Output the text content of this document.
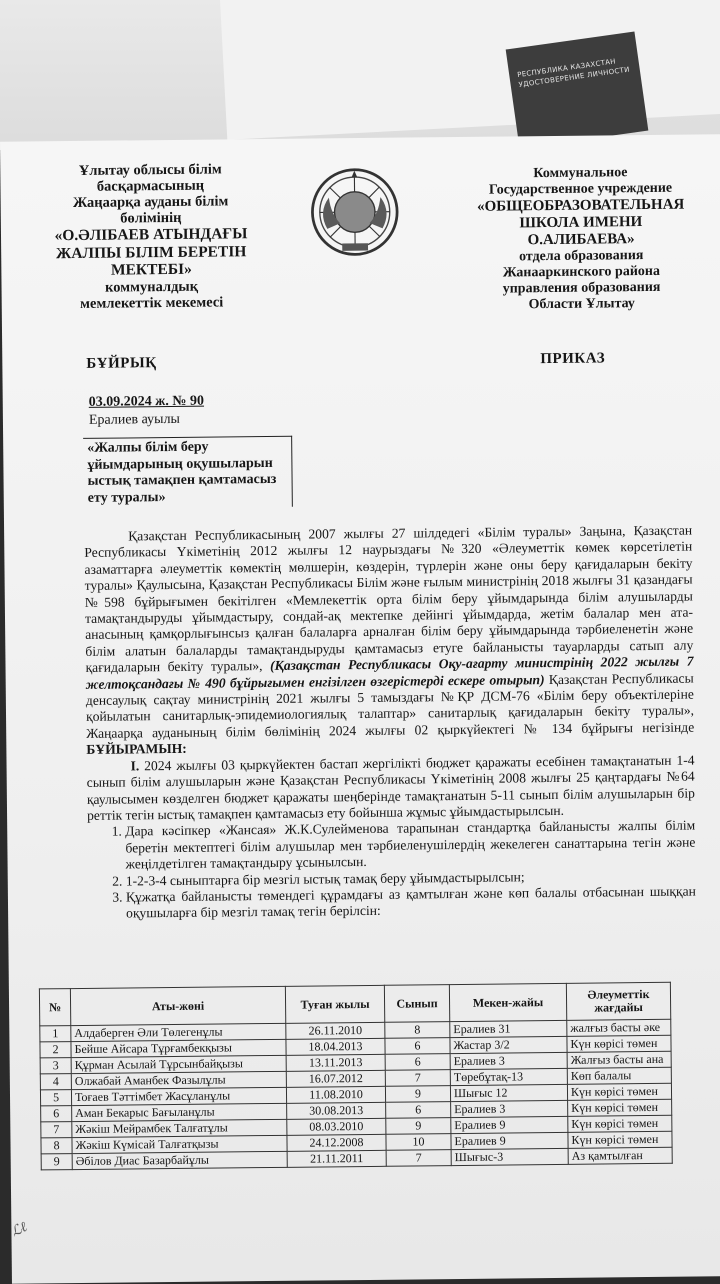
РЕСПУБЛИКА КАЗАХСТАН УДОСТОВЕРЕНИЕ ЛИЧНОСТИ
Ұлытау облысы білім
басқармасының
Жаңаарқа ауданы білім
бөлімінің
«О.ӘЛІБАЕВ АТЫНДАҒЫ
ЖАЛПЫ БІЛІМ БЕРЕТІН
МЕКТЕБІ»
коммуналдық
мемлекеттік мекемесі
Коммунальное
Государственное учреждение
«ОБЩЕОБРАЗОВАТЕЛЬНАЯ
ШКОЛА ИМЕНИ
О.АЛИБАЕВА»
отдела образования
Жанааркинского района
управления образования
Области Ұлытау
БҰЙРЫҚ	ПРИКАЗ
03.09.2024 ж. № 90
Ералиев ауылы
«Жалпы білім беру ұйымдарының оқушыларын ыстық тамақпен қамтамасыз ету туралы»

Қазақстан Республикасының 2007 жылғы 27 шілдедегі «Білім туралы» Заңына, Қазақстан Республикасы Үкіметінің 2012 жылғы 12 наурыздағы №320 «Әлеуметтік көмек көрсетілетін азаматтарға әлеуметтік көмектің мөлшерін, көздерін, түрлерін және оны беру қағидаларын бекіту туралы» Қаулысына, Қазақстан Республикасы Білім және ғылым министрінің 2018 жылғы 31 қазандағы №598 бұйрығымен бекітілген «Мемлекеттік орта білім беру ұйымдарында білім алушыларды тамақтандыруды ұйымдастыру, сондай-ақ мектепке дейінгі ұйымдарда, жетім балалар мен ата-анасының қамқорлығынсыз қалған балаларға арналған білім беру ұйымдарында тәрбиеленетін және білім алатын балаларды тамақтандыруды қамтамасыз етуге байланысты тауарларды сатып алу қағидаларын бекіту туралы», (Қазақстан Республикасы Оқу-ағарту министрінің 2022 жылғы 7 желтоқсандағы № 490 бұйрығымен енгізілген өзгерістерді ескере отырып) Қазақстан Республикасы денсаулық сақтау министрінің 2021 жылғы 5 тамыздағы №ҚР ДСМ-76 «Білім беру объектілеріне қойылатын санитарлық-эпидемиологиялық талаптар» санитарлық қағидаларын бекіту туралы», Жаңаарқа ауданының білім бөлімінің 2024 жылғы 02 қыркүйектегі № 134 бұйрығы негізінде БҰЙЫРАМЫН:

I. 2024 жылғы 03 қыркүйектен бастап жергілікті бюджет қаражаты есебінен тамақтанатын 1-4 сынып білім алушыларын және Қазақстан Республикасы Үкіметінің 2008 жылғы 25 қаңтардағы №64 қаулысымен көзделген бюджет қаражаты шеңберінде тамақтанатын 5-11 сынып білім алушыларын бір реттік тегін ыстық тамақпен қамтамасыз ету бойынша жұмыс ұйымдастырылсын.

1. Дара кәсіпкер «Жансая» Ж.К.Сулейменова тарапынан стандартқа байланысты жалпы білім беретін мектептегі білім алушылар мен тәрбиеленушілердің жекелеген санаттарына тегін және жеңілдетілген тамақтандыру ұсынылсын.
2. 1-2-3-4 сыныптарға бір мезгіл ыстық тамақ беру ұйымдастырылсын;
3. Құжатқа байланысты төмендегі құрамдағы аз қамтылған және көп балалы отбасынан шыққан оқушыларға бір мезгіл тамақ тегін берілсін:
№	Аты-жөні	Туған жылы	Сынып	Мекен-жайы	Әлеуметтік жағдайы
1	Алдаберген Әли Төлегенұлы	26.11.2010	8	Ералиев 31	жалғыз басты әке
2	Бейше Айсара Тұрғамбекқызы	18.04.2013	6	Жастар 3/2	Күн көрісі төмен
3	Құрман Асылай Тұрсынбайқызы	13.11.2013	6	Ералиев 3	Жалғыз басты ана
4	Олжабай Аманбек Фазылұлы	16.07.2012	7	Төребұтақ-13	Көп балалы
5	Тоғаев Тәттімбет Жасұланұлы	11.08.2010	9	Шығыс 12	Күн көрісі төмен
6	Аман Бекарыс Бағыланұлы	30.08.2013	6	Ералиев 3	Күн көрісі төмен
7	Жәкіш Мейрамбек Талғатұлы	08.03.2010	9	Ералиев 9	Күн көрісі төмен
8	Жәкіш Күмісай Талғатқызы	24.12.2008	10	Ералиев 9	Күн көрісі төмен
9	Әбілов Диас Базарбайұлы	21.11.2011	7	Шығыс-3	Аз қамтылған
ℒℓ
